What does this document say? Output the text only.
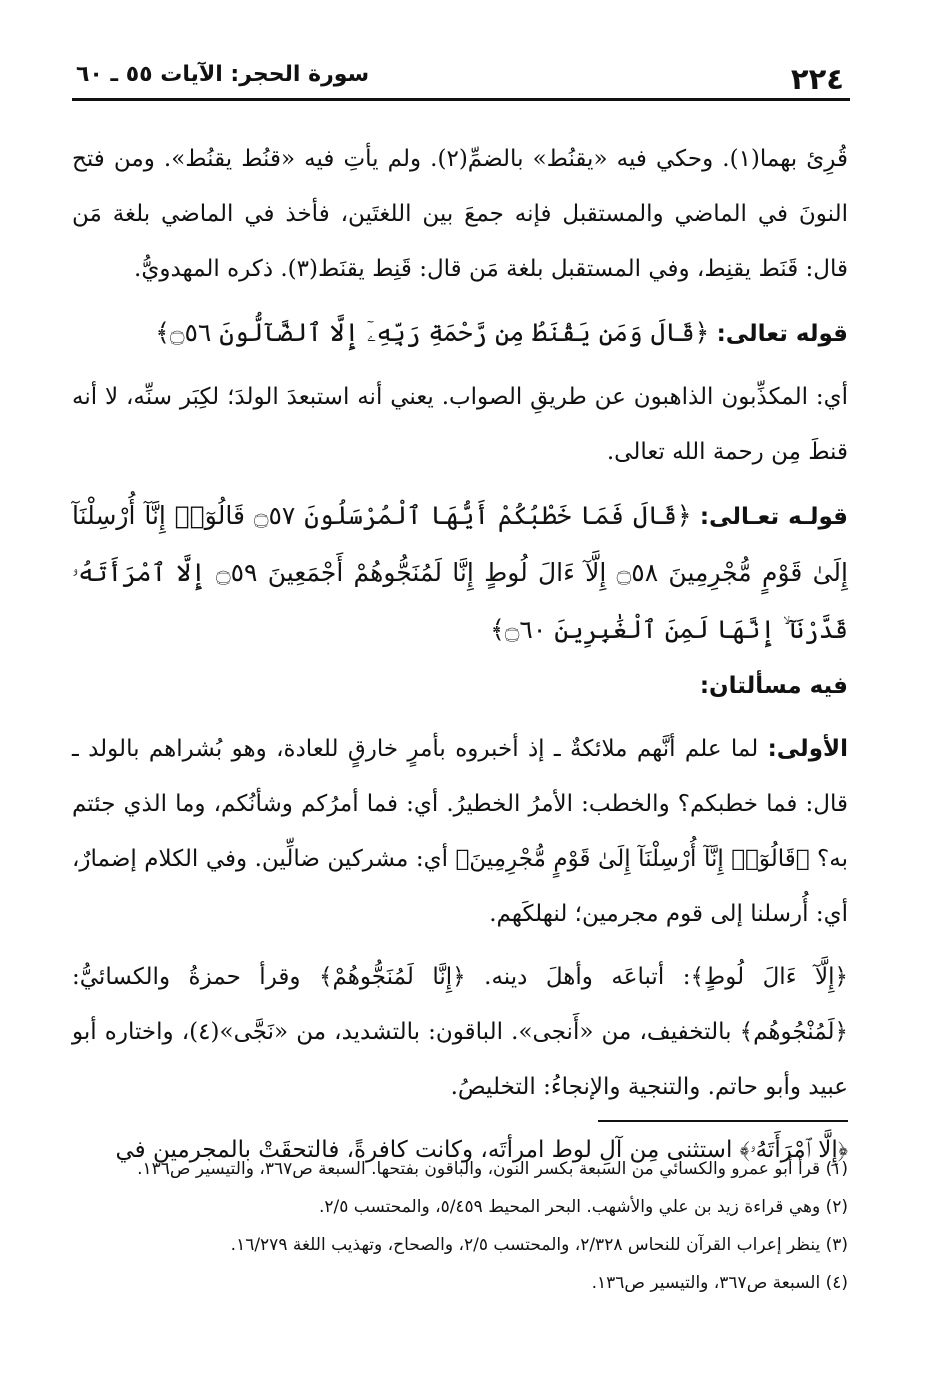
٢٢٤
سورة الحجر: الآيات ٥٥ ـ ٦٠

قُرِئ بهما(١). وحكي فيه «يقنُط» بالضمِّ(٢). ولم يأتِ فيه «قنُط يقنُط». ومن فتح النونَ في الماضي والمستقبل فإنه جمعَ بين اللغتَين، فأخذ في الماضي بلغة مَن قال: قَنَط يقنِط، وفي المستقبل بلغة مَن قال: قَنِط يقنَط(٣). ذكره المهدويُّ.

قوله تعالى: ﴿قَالَ وَمَن يَقْنَطُ مِن رَّحْمَةِ رَبِّهِۦٓ إِلَّا ٱلضَّآلُّونَ ۝٥٦﴾

أي: المكذِّبون الذاهبون عن طريقِ الصواب. يعني أنه استبعدَ الولدَ؛ لكِبَر سنِّه، لا أنه قنطَ مِن رحمة الله تعالى.

قولـه تعـالى: ﴿قَالَ فَمَا خَطْبُكُمْ أَيُّهَا ٱلْمُرْسَلُونَ ۝٥٧ قَالُوٓا۟ إِنَّآ أُرْسِلْنَآ إِلَىٰ قَوْمٍ مُّجْرِمِينَ ۝٥٨ إِلَّآ ءَالَ لُوطٍ إِنَّا لَمُنَجُّوهُمْ أَجْمَعِينَ ۝٥٩ إِلَّا ٱمْرَأَتَهُۥ قَدَّرْنَآ ۙ إِنَّهَا لَمِنَ ٱلْغَٰبِرِينَ ۝٦٠﴾

فيه مسألتان:

الأولى: لما علم أنَّهم ملائكةٌ ـ إذ أخبروه بأمرٍ خارقٍ للعادة، وهو بُشراهم بالولد ـ قال: فما خطبكم؟ والخطب: الأمرُ الخطيرُ. أي: فما أمرُكم وشأنُكم، وما الذي جئتم به؟ ﴿قَالُوٓا۟ إِنَّآ أُرْسِلْنَآ إِلَىٰ قَوْمٍ مُّجْرِمِينَ﴾ أي: مشركين ضالِّين. وفي الكلام إضمارٌ، أي: أُرسلنا إلى قوم مجرمين؛ لنهلكَهم.

﴿إِلَّآ ءَالَ لُوطٍ﴾: أتباعَه وأهلَ دينه. ﴿إِنَّا لَمُنَجُّوهُمْ﴾ وقرأ حمزةُ والكسائيُّ: ﴿لَمُنْجُوهُم﴾ بالتخفيف، من «أَنجى». الباقون: بالتشديد، من «نَجَّى»(٤)، واختاره أبو عبيد وأبو حاتم. والتنجية والإنجاءُ: التخليصُ.

﴿إِلَّا ٱمْرَأَتَهُۥ﴾ استثنى مِن آلِ لوط امرأتَه، وكانت كافرةً، فالتحقَتْ بالمجرمين في

(١) قرأ أبو عمرو والكسائي من السبعة بكسر النون، والباقون بفتحها. السبعة ص٣٦٧، والتيسير ص١٣٦.

(٢) وهي قراءة زيد بن علي والأشهب. البحر المحيط ٥/٤٥٩، والمحتسب ٢/٥.

(٣) ينظر إعراب القرآن للنحاس ٢/٣٢٨، والمحتسب ٢/٥، والصحاح، وتهذيب اللغة ١٦/٢٧٩.

(٤) السبعة ص٣٦٧، والتيسير ص١٣٦.
